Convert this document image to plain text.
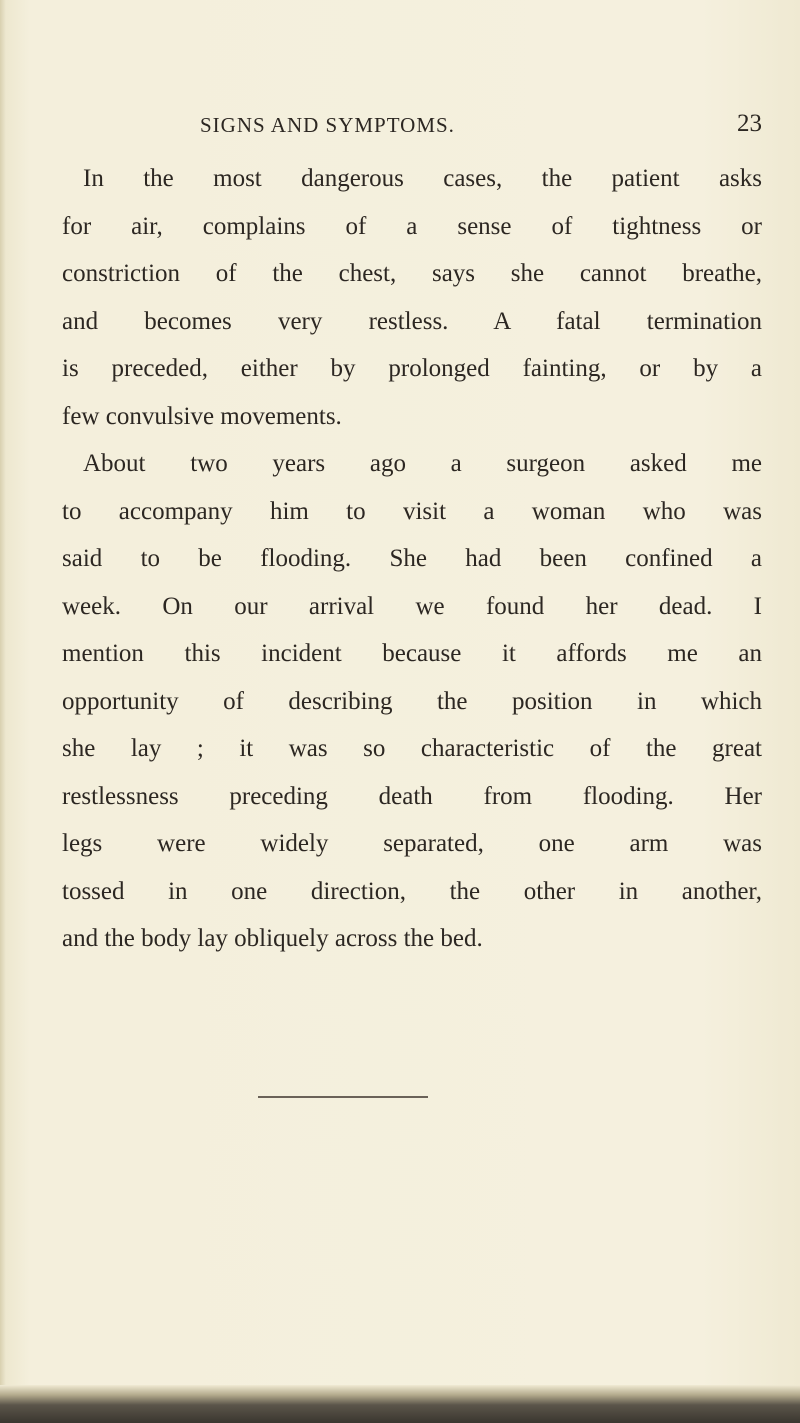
SIGNS AND SYMPTOMS.	23
In the most dangerous cases, the patient asks
for air, complains of a sense of tightness or
constriction of the chest, says she cannot breathe,
and becomes very restless. A fatal termination
is preceded, either by prolonged fainting, or by a
few convulsive movements.
About two years ago a surgeon asked me
to accompany him to visit a woman who was
said to be flooding. She had been confined a
week. On our arrival we found her dead. I
mention this incident because it affords me an
opportunity of describing the position in which
she lay ; it was so characteristic of the great
restlessness preceding death from flooding. Her
legs were widely separated, one arm was
tossed in one direction, the other in another,
and the body lay obliquely across the bed.
